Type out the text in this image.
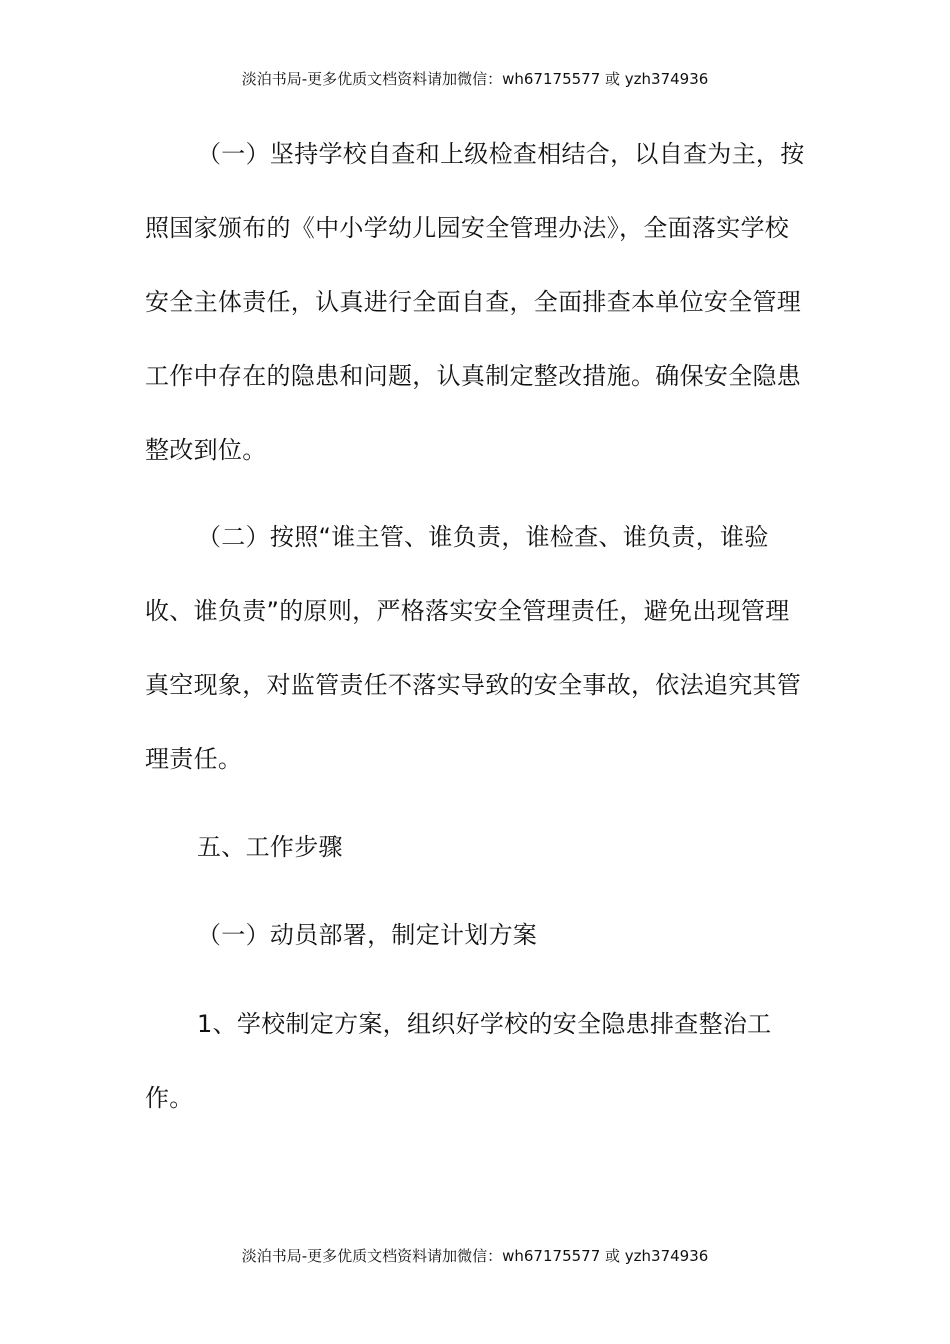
淡泊书局-更多优质文档资料请加微信：wh67175577 或 yzh374936

（一）坚持学校自查和上级检查相结合，以自查为主，按照国家颁布的《中小学幼儿园安全管理办法》，全面落实学校安全主体责任，认真进行全面自查，全面排查本单位安全管理工作中存在的隐患和问题，认真制定整改措施。确保安全隐患整改到位。

（二）按照“谁主管、谁负责，谁检查、谁负责，谁验收、谁负责”的原则，严格落实安全管理责任，避免出现管理真空现象，对监管责任不落实导致的安全事故，依法追究其管理责任。

五、工作步骤

（一）动员部署，制定计划方案

1、学校制定方案，组织好学校的安全隐患排查整治工作。

淡泊书局-更多优质文档资料请加微信：wh67175577 或 yzh374936
